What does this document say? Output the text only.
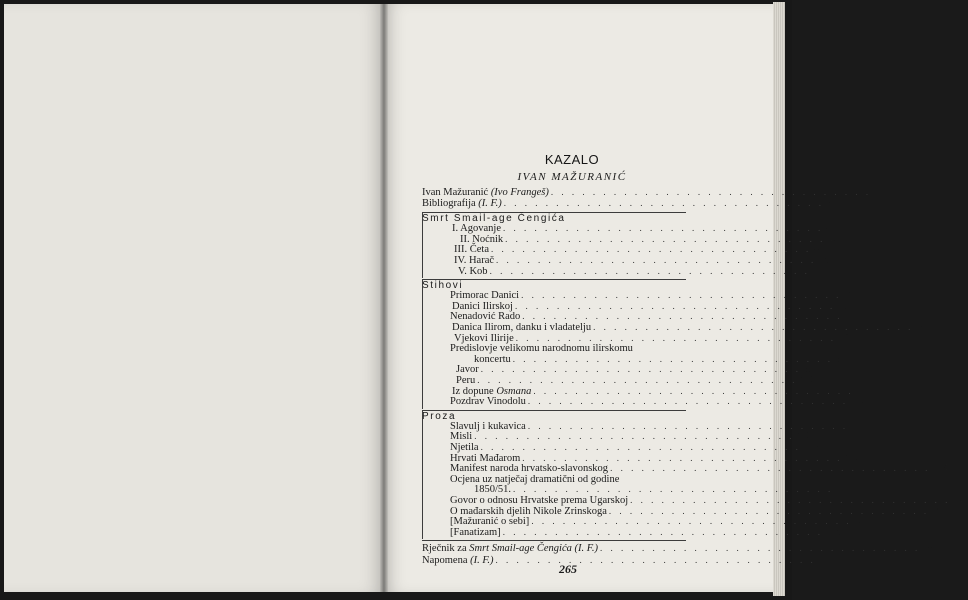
KAZALO
IVAN MAŽURANIĆ
Ivan Mažuranić (Ivo Frangeš) . . . . . . . . . . . . . . . . . . . . . . . . . . . . . . . 7
Bibliografija (I. F.) . . . . . . . . . . . . . . . . . . . . . . . . . . . . . . . 35
Smrt Smail-age Čengića
I. Agovanje . . . . . . . . . . . . . . . . . . . . . . . . . . . . . . . 43
II. Noćnik . . . . . . . . . . . . . . . . . . . . . . . . . . . . . . . 46
III. Četa . . . . . . . . . . . . . . . . . . . . . . . . . . . . . . . 48
IV. Harač . . . . . . . . . . . . . . . . . . . . . . . . . . . . . . . 56
V. Kob . . . . . . . . . . . . . . . . . . . . . . . . . . . . . . . 73
Stihovi
Primorac Danici . . . . . . . . . . . . . . . . . . . . . . . . . . . . . . . 77
Danici Ilirskoj . . . . . . . . . . . . . . . . . . . . . . . . . . . . . . . 79
Nenadović Rado . . . . . . . . . . . . . . . . . . . . . . . . . . . . . . . 81
Danica Ilirom, danku i vladatelju . . . . . . . . . . . . . . . . . . . . . . . . . . . . . . . 85
Vjekovi Ilirije . . . . . . . . . . . . . . . . . . . . . . . . . . . . . . . 89
Predislovje velikomu narodnomu ilirskomu
koncertu . . . . . . . . . . . . . . . . . . . . . . . . . . . . . . . 95
Javor . . . . . . . . . . . . . . . . . . . . . . . . . . . . . . . 98
Peru . . . . . . . . . . . . . . . . . . . . . . . . . . . . . . . 102
Iz dopune Osmana . . . . . . . . . . . . . . . . . . . . . . . . . . . . . . . 103
Pozdrav Vinodolu . . . . . . . . . . . . . . . . . . . . . . . . . . . . . . . 106
Proza
Slavulj i kukavica . . . . . . . . . . . . . . . . . . . . . . . . . . . . . . . 111
Misli . . . . . . . . . . . . . . . . . . . . . . . . . . . . . . . 112
Njetila . . . . . . . . . . . . . . . . . . . . . . . . . . . . . . . 115
Hrvati Mađarom . . . . . . . . . . . . . . . . . . . . . . . . . . . . . . . 116
Manifest naroda hrvatsko-slavonskog . . . . . . . . . . . . . . . . . . . . . . . . . . . . . . . 134
Ocjena uz natječaj dramatični od godine
1850/51. . . . . . . . . . . . . . . . . . . . . . . . . . . . . . . . 143
Govor o odnosu Hrvatske prema Ugarskoj . . . . . . . . . . . . . . . . . . . . . . . . . . . . . . . 147
O mađarskih djelih Nikole Zrinskoga . . . . . . . . . . . . . . . . . . . . . . . . . . . . . . . 153
[Mažuranić o sebi] . . . . . . . . . . . . . . . . . . . . . . . . . . . . . . . 154
[Fanatizam] . . . . . . . . . . . . . . . . . . . . . . . . . . . . . . . 156
Rječnik za Smrt Smail-age Čengića (I. F.) . . . . . . . . . . . . . . . . . . . . . . . . . . . . . . . 157
Napomena (I. F.) . . . . . . . . . . . . . . . . . . . . . . . . . . . . . . . 171
265
